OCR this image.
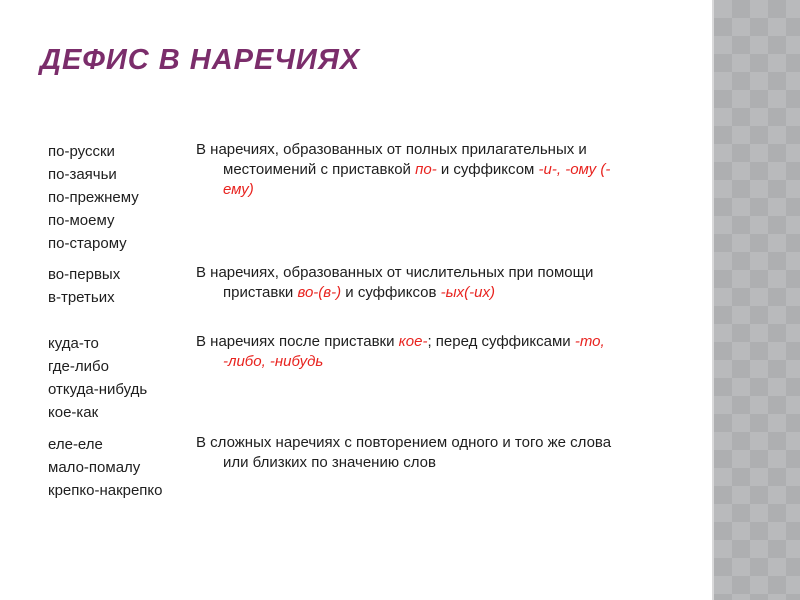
ДЕФИС В НАРЕЧИЯХ
по-русски
по-заячьи
по-прежнему
по-моему
по-старому
В наречиях, образованных от полных прилагательных и местоимений с приставкой по- и суффиксом -и-, -ому (-ему)
во-первых
в-третьих
В наречиях, образованных от числительных при помощи приставки во-(в-) и суффиксов -ых(-их)
куда-то
где-либо
откуда-нибудь
кое-как
В наречиях после приставки кое-; перед суффиксами -то, -либо, -нибудь
еле-еле
мало-помалу
крепко-накрепко
В сложных наречиях с повторением одного и того же слова или близких по значению слов
